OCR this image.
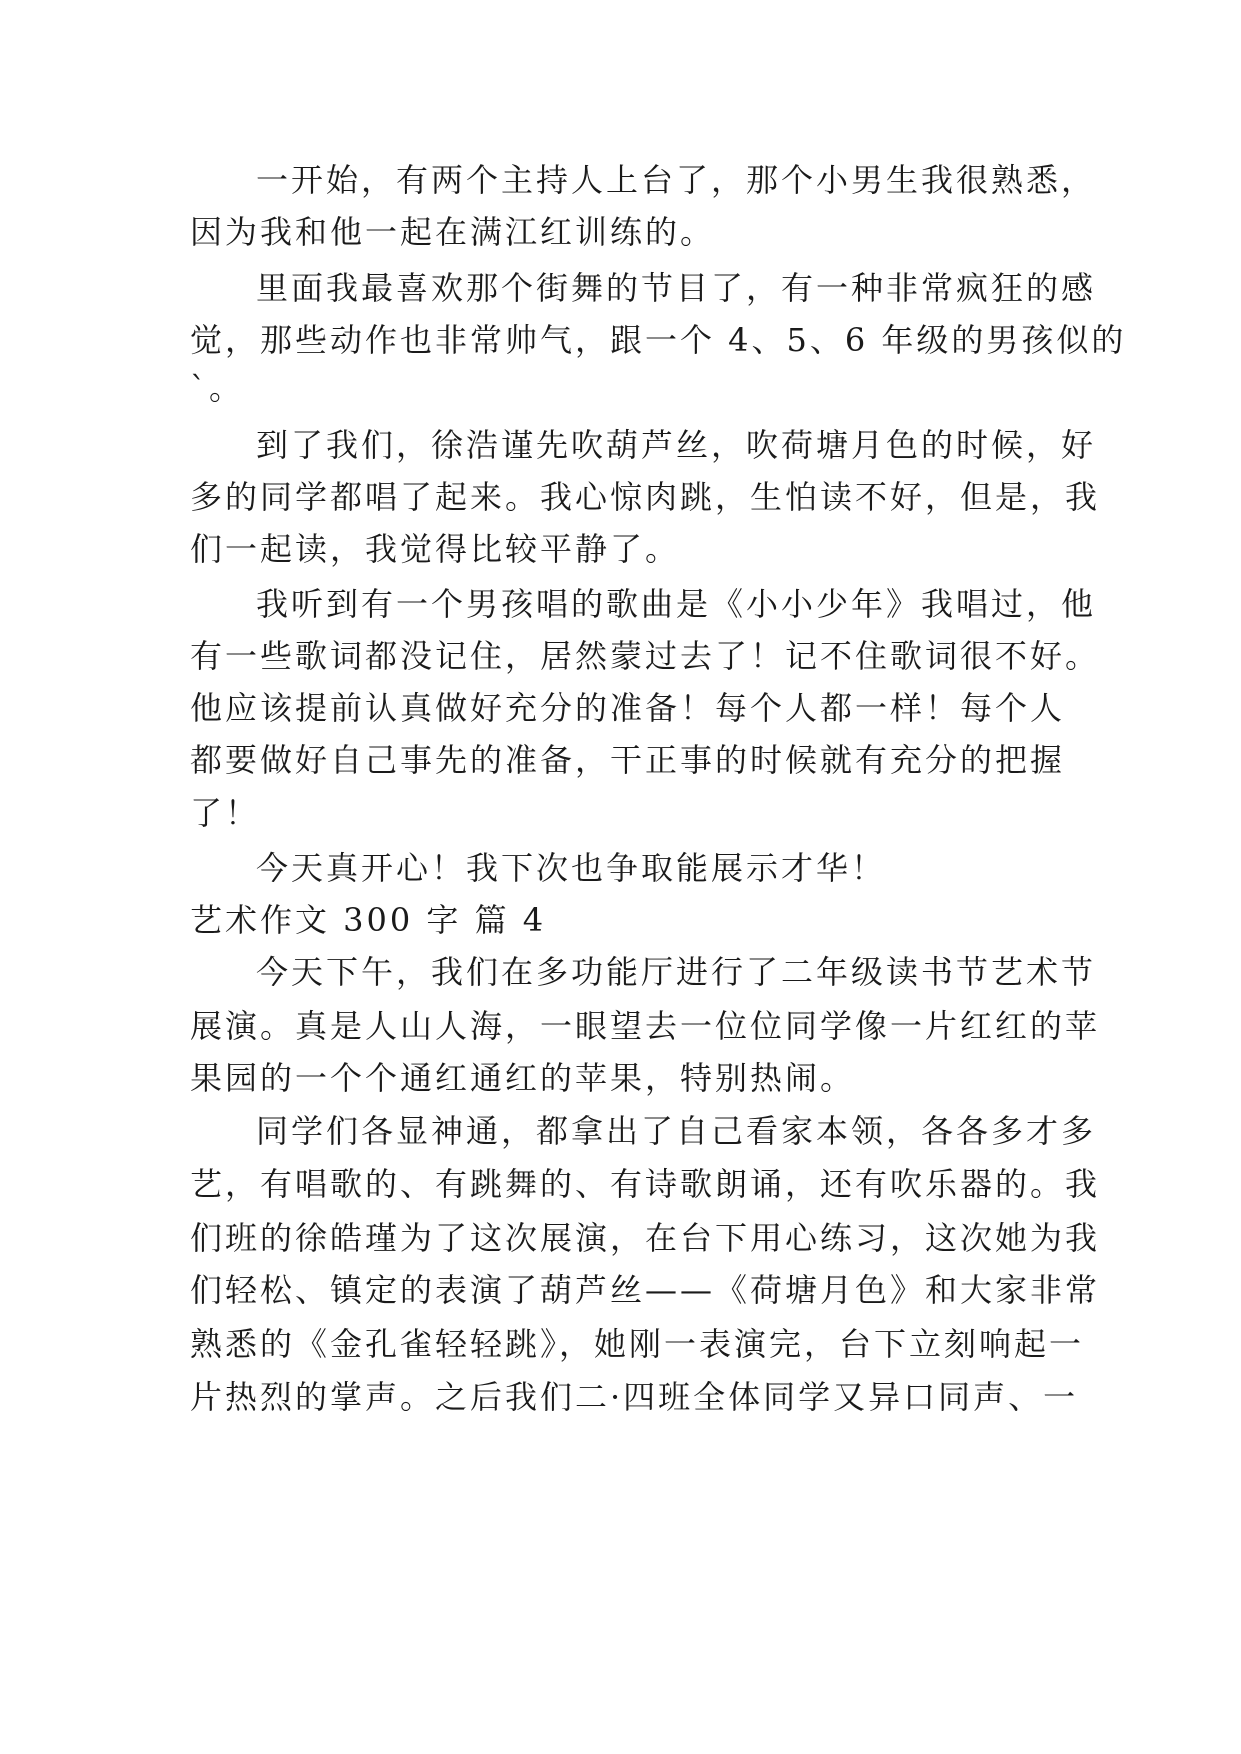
一开始，有两个主持人上台了，那个小男生我很熟悉，
因为我和他一起在满江红训练的。
里面我最喜欢那个街舞的节目了，有一种非常疯狂的感
觉，那些动作也非常帅气，跟一个 4、5、6 年级的男孩似的
`。
到了我们，徐浩谨先吹葫芦丝，吹荷塘月色的时候，好
多的同学都唱了起来。我心惊肉跳，生怕读不好，但是，我
们一起读，我觉得比较平静了。
我听到有一个男孩唱的歌曲是《小小少年》我唱过，他
有一些歌词都没记住，居然蒙过去了！记不住歌词很不好。
他应该提前认真做好充分的准备！每个人都一样！每个人
都要做好自己事先的准备，干正事的时候就有充分的把握
了！
今天真开心！我下次也争取能展示才华！
艺术作文 300 字 篇 4
今天下午，我们在多功能厅进行了二年级读书节艺术节
展演。真是人山人海，一眼望去一位位同学像一片红红的苹
果园的一个个通红通红的苹果，特别热闹。
同学们各显神通，都拿出了自己看家本领，各各多才多
艺，有唱歌的、有跳舞的、有诗歌朗诵，还有吹乐器的。我
们班的徐皓瑾为了这次展演，在台下用心练习，这次她为我
们轻松、镇定的表演了葫芦丝——《荷塘月色》和大家非常
熟悉的《金孔雀轻轻跳》，她刚一表演完，台下立刻响起一
片热烈的掌声。之后我们二·四班全体同学又异口同声、一
